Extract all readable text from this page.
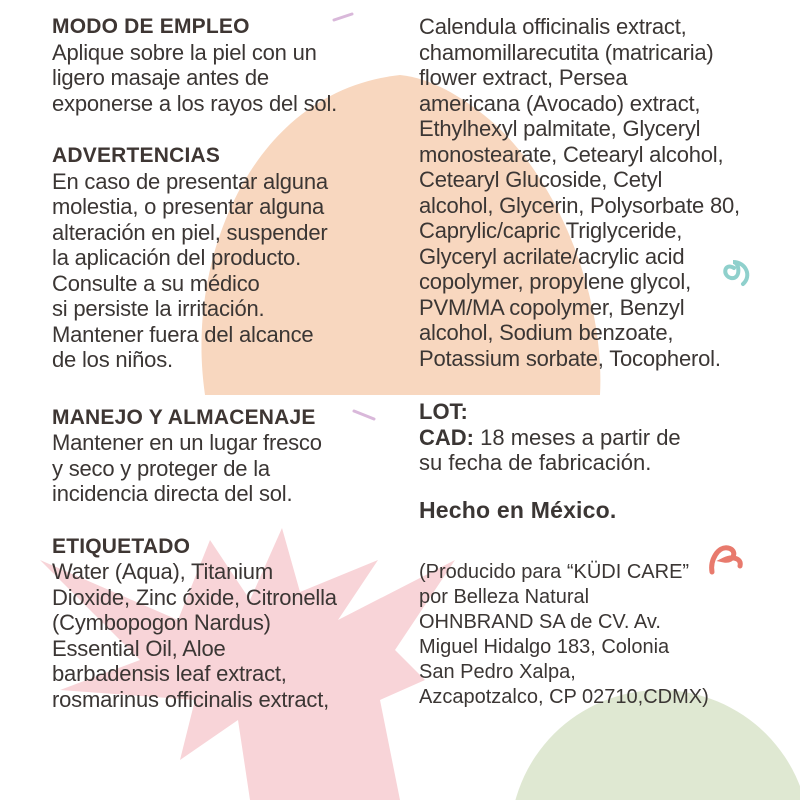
MODO DE EMPLEO

Aplique sobre la piel con un
ligero masaje antes de
exponerse a los rayos del sol.

ADVERTENCIAS

En caso de presentar alguna
molestia, o presentar alguna
alteración en piel, suspender
la aplicación del producto.
Consulte a su médico
si persiste la irritación.
Mantener fuera del alcance
de los niños.

MANEJO Y ALMACENAJE

Mantener en un lugar fresco
y seco y proteger de la
incidencia directa del sol.

ETIQUETADO

Water (Aqua), Titanium
Dioxide, Zinc óxide, Citronella
(Cymbopogon Nardus)
Essential Oil, Aloe
barbadensis leaf extract,
rosmarinus officinalis extract,

Calendula officinalis extract,
chamomillarecutita (matricaria)
flower extract, Persea
americana (Avocado) extract,
Ethylhexyl palmitate, Glyceryl
monostearate, Cetearyl alcohol,
Cetearyl Glucoside, Cetyl
alcohol, Glycerin, Polysorbate 80,
Caprylic/capric Triglyceride,
Glyceryl acrilate/acrylic acid
copolymer, propylene glycol,
PVM/MA copolymer, Benzyl
alcohol, Sodium benzoate,
Potassium sorbate, Tocopherol.

LOT:

CAD: 18 meses a partir de
su fecha de fabricación.

Hecho en México.

(Producido para “KÜDI CARE”
por Belleza Natural
OHNBRAND SA de CV. Av.
Miguel Hidalgo 183, Colonia
San Pedro Xalpa,
Azcapotzalco, CP 02710,CDMX)
